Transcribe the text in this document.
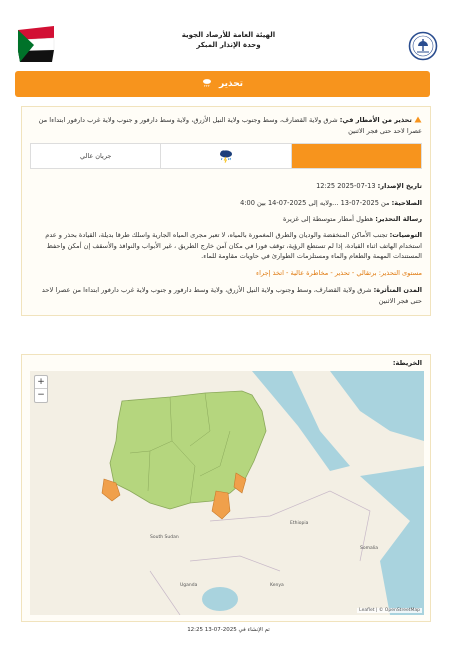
الهيئة العامة للأرصاد الجوية
وحدة الإنذار المبكر
تحذير
تحذير من الأمطار في: شرق ولاية القضارف، وسط وجنوب ولاية النيل الأزرق، ولاية وسط دارفور و جنوب ولاية غرب دارفور ابتداءا من عصرا لاحد حتى فجر الاثنين
جريان عالي
تاريخ الإصدار: 13-07-2025 12:25
الصلاحية: من 2025-07-13 ...ولايه إلى 2025-07-14 بين 4:00
رسالة التحذير: هطول أمطار متوسطة إلى غزيرة
التوصيات: تجنب الأماكن المنخفضة والوديان والطرق المغمورة بالمياه، لا تعبر مجرى المياه الجارية واسلك طرقا بديلة، القيادة بحذر و عدم استخدام الهاتف اثناء القيادة، إذا لم تستطع الرؤية، توقف فورا في مكان آمن خارج الطريق ، غير الأبواب والنوافذ والأسقف إن أمكن واحفظ المستندات المهمة والطعام والماء ومستلزمات الطوارئ في حاويات مقاومة للماء.
مستوى التحذير: برتقالي - تحذير - مخاطرة عالية - اتخذ إجراء
المدن المتأثرة: شرق ولاية القضارف، وسط وجنوب ولاية النيل الأزرق، ولاية وسط دارفور و جنوب ولاية غرب دارفور ابتداءا من عصرا لاحد حتى فجر الاثنين
الخريطة:
+
−
South Sudan
Ethiopia
Uganda	Kenya
Somalia
Leaflet | © OpenStreetMap
تم الإنشاء في 2025-07-13 12:25
